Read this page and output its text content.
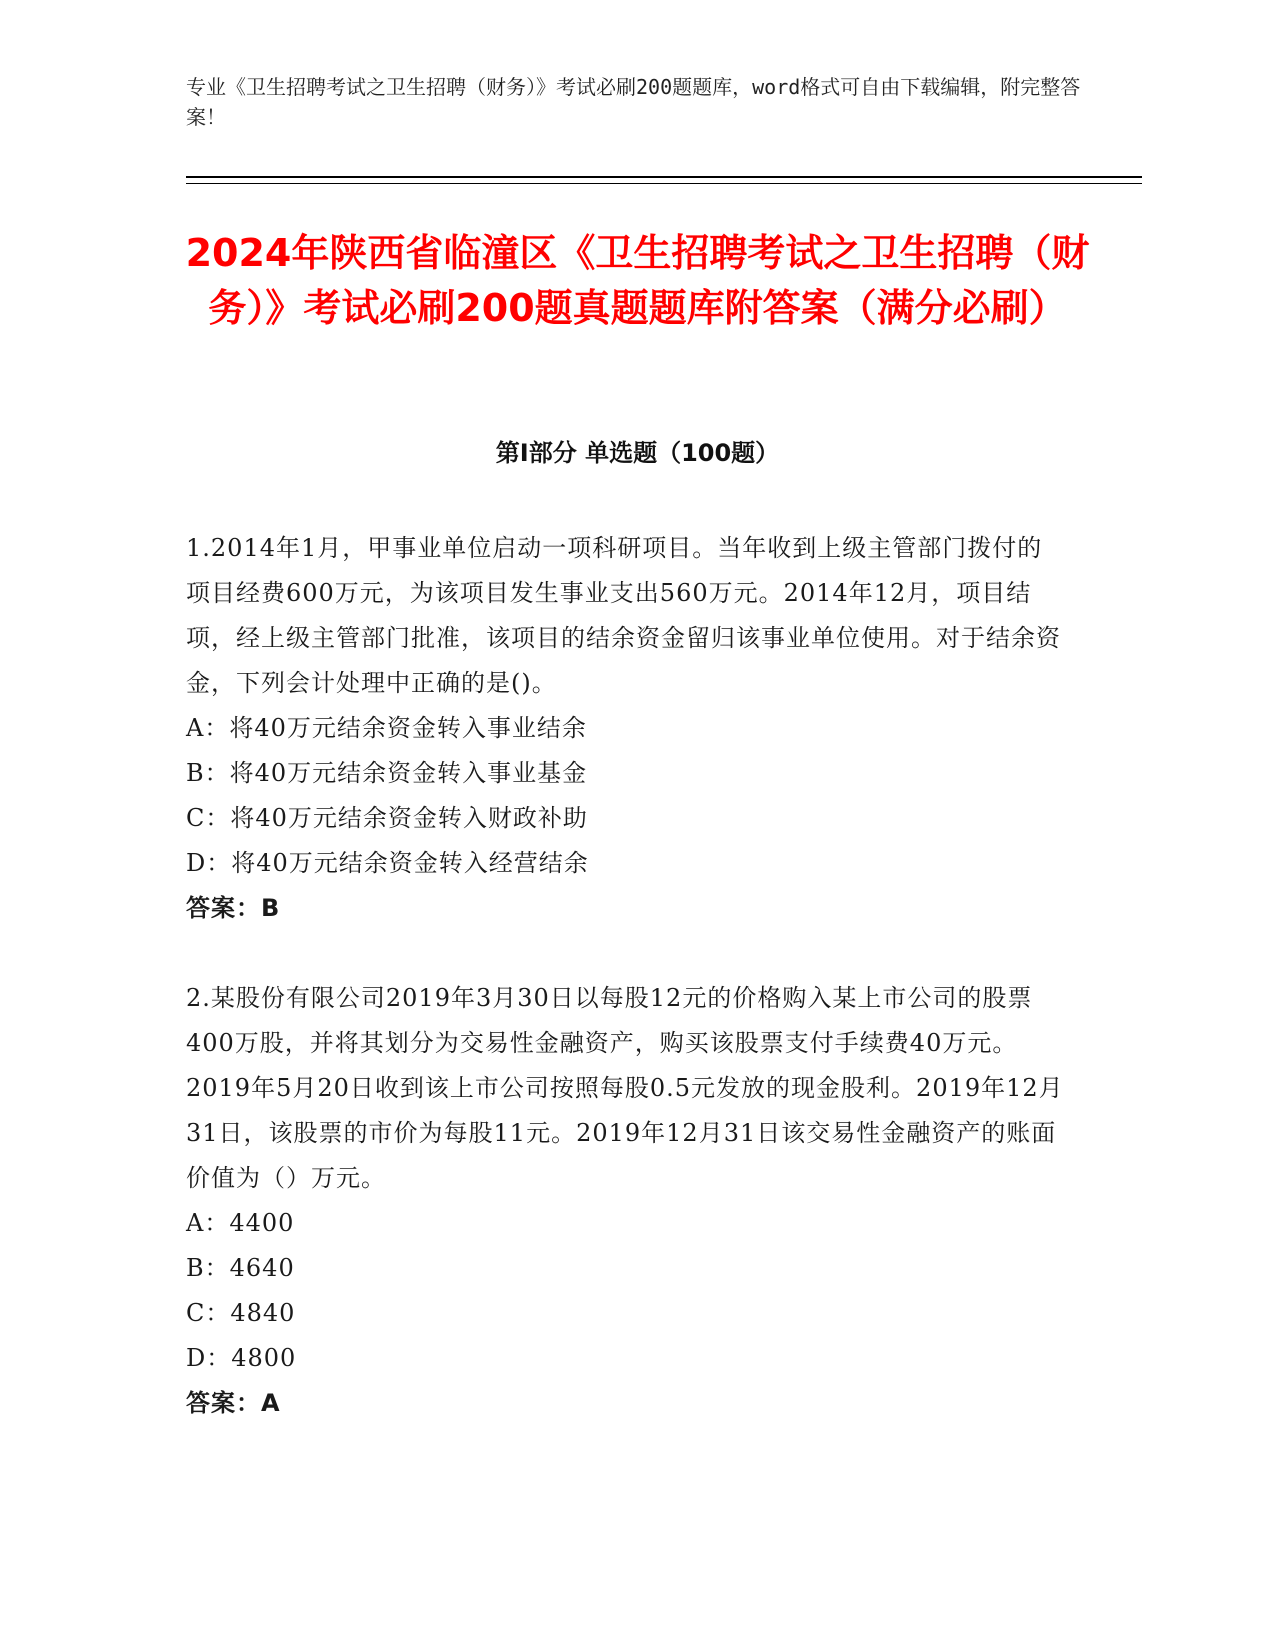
专业《卫生招聘考试之卫生招聘（财务）》考试必刷200题题库，word格式可自由下载编辑，附完整答案！
2024年陕西省临潼区《卫生招聘考试之卫生招聘（财务）》考试必刷200题真题题库附答案（满分必刷）
第I部分 单选题（100题）

1.2014年1月，甲事业单位启动一项科研项目。当年收到上级主管部门拨付的项目经费600万元，为该项目发生事业支出560万元。2014年12月，项目结项，经上级主管部门批准，该项目的结余资金留归该事业单位使用。对于结余资金，下列会计处理中正确的是()。

A：将40万元结余资金转入事业结余

B：将40万元结余资金转入事业基金

C：将40万元结余资金转入财政补助

D：将40万元结余资金转入经营结余

答案：B

2.某股份有限公司2019年3月30日以每股12元的价格购入某上市公司的股票400万股，并将其划分为交易性金融资产，购买该股票支付手续费40万元。2019年5月20日收到该上市公司按照每股0.5元发放的现金股利。2019年12月31日，该股票的市价为每股11元。2019年12月31日该交易性金融资产的账面价值为（）万元。

A：4400

B：4640

C：4840

D：4800

答案：A
